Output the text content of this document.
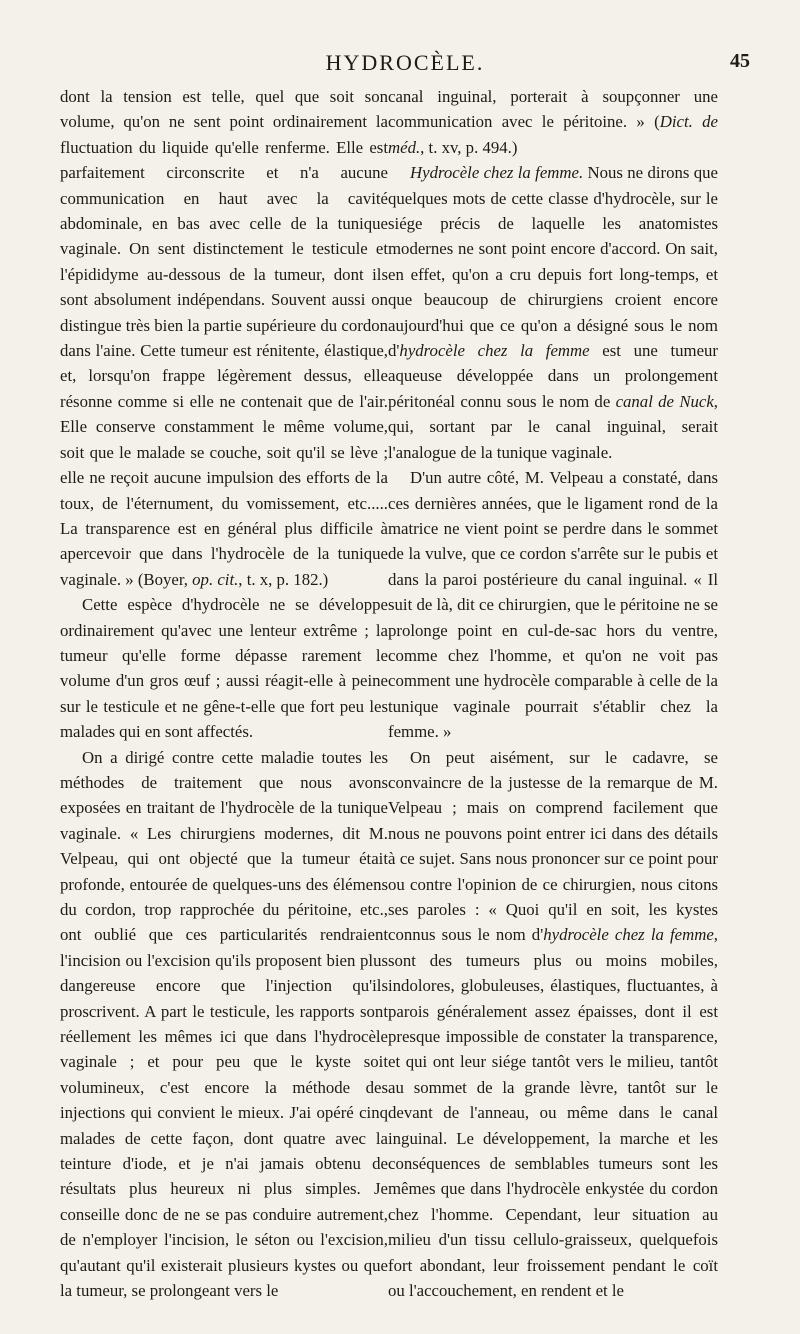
HYDROCÈLE.	45

dont la tension est telle, quel que soit son volume, qu'on ne sent point ordinairement la fluctuation du liquide qu'elle renferme. Elle est parfaitement circonscrite et n'a aucune communication en haut avec la cavité abdominale, en bas avec celle de la tunique vaginale. On sent distinctement le testicule et l'épididyme au-dessous de la tumeur, dont ils sont absolument indépendans. Souvent aussi on distingue très bien la partie supérieure du cordon dans l'aine. Cette tumeur est rénitente, élastique, et, lorsqu'on frappe légèrement dessus, elle résonne comme si elle ne contenait que de l'air. Elle conserve constamment le même volume, soit que le malade se couche, soit qu'il se lève ; elle ne reçoit aucune impulsion des efforts de la toux, de l'éternument, du vomissement, etc..... La transparence est en général plus difficile à apercevoir que dans l'hydrocèle de la tunique vaginale. » (Boyer, op. cit., t. x, p. 182.)

Cette espèce d'hydrocèle ne se développe ordinairement qu'avec une lenteur extrême ; la tumeur qu'elle forme dépasse rarement le volume d'un gros œuf ; aussi réagit-elle à peine sur le testicule et ne gêne-t-elle que fort peu les malades qui en sont affectés.

On a dirigé contre cette maladie toutes les méthodes de traitement que nous avons exposées en traitant de l'hydrocèle de la tunique vaginale. « Les chirurgiens modernes, dit M. Velpeau, qui ont objecté que la tumeur était profonde, entourée de quelques-uns des élémens du cordon, trop rapprochée du péritoine, etc., ont oublié que ces particularités rendraient l'incision ou l'excision qu'ils proposent bien plus dangereuse encore que l'injection qu'ils proscrivent. A part le testicule, les rapports sont réellement les mêmes ici que dans l'hydrocèle vaginale ; et pour peu que le kyste soit volumineux, c'est encore la méthode des injections qui convient le mieux. J'ai opéré cinq malades de cette façon, dont quatre avec la teinture d'iode, et je n'ai jamais obtenu de résultats plus heureux ni plus simples. Je conseille donc de ne se pas conduire autrement, de n'employer l'incision, le séton ou l'excision, qu'autant qu'il existerait plusieurs kystes ou que la tumeur, se prolongeant vers le

canal inguinal, porterait à soupçonner une communication avec le péritoine. » (Dict. de méd., t. xv, p. 494.)

Hydrocèle chez la femme. Nous ne dirons que quelques mots de cette classe d'hydrocèle, sur le siége précis de laquelle les anatomistes modernes ne sont point encore d'accord. On sait, en effet, qu'on a cru depuis fort long-temps, et que beaucoup de chirurgiens croient encore aujourd'hui que ce qu'on a désigné sous le nom d'hydrocèle chez la femme est une tumeur aqueuse développée dans un prolongement péritonéal connu sous le nom de canal de Nuck, qui, sortant par le canal inguinal, serait l'analogue de la tunique vaginale.

D'un autre côté, M. Velpeau a constaté, dans ces dernières années, que le ligament rond de la matrice ne vient point se perdre dans le sommet de la vulve, que ce cordon s'arrête sur le pubis et dans la paroi postérieure du canal inguinal. « Il suit de là, dit ce chirurgien, que le péritoine ne se prolonge point en cul-de-sac hors du ventre, comme chez l'homme, et qu'on ne voit pas comment une hydrocèle comparable à celle de la tunique vaginale pourrait s'établir chez la femme. »

On peut aisément, sur le cadavre, se convaincre de la justesse de la remarque de M. Velpeau ; mais on comprend facilement que nous ne pouvons point entrer ici dans des détails à ce sujet. Sans nous prononcer sur ce point pour ou contre l'opinion de ce chirurgien, nous citons ses paroles : « Quoi qu'il en soit, les kystes connus sous le nom d'hydrocèle chez la femme, sont des tumeurs plus ou moins mobiles, indolores, globuleuses, élastiques, fluctuantes, à parois généralement assez épaisses, dont il est presque impossible de constater la transparence, et qui ont leur siége tantôt vers le milieu, tantôt au sommet de la grande lèvre, tantôt sur le devant de l'anneau, ou même dans le canal inguinal. Le développement, la marche et les conséquences de semblables tumeurs sont les mêmes que dans l'hydrocèle enkystée du cordon chez l'homme. Cependant, leur situation au milieu d'un tissu cellulo-graisseux, quelquefois fort abondant, leur froissement pendant le coït ou l'accouchement, en rendent et le
